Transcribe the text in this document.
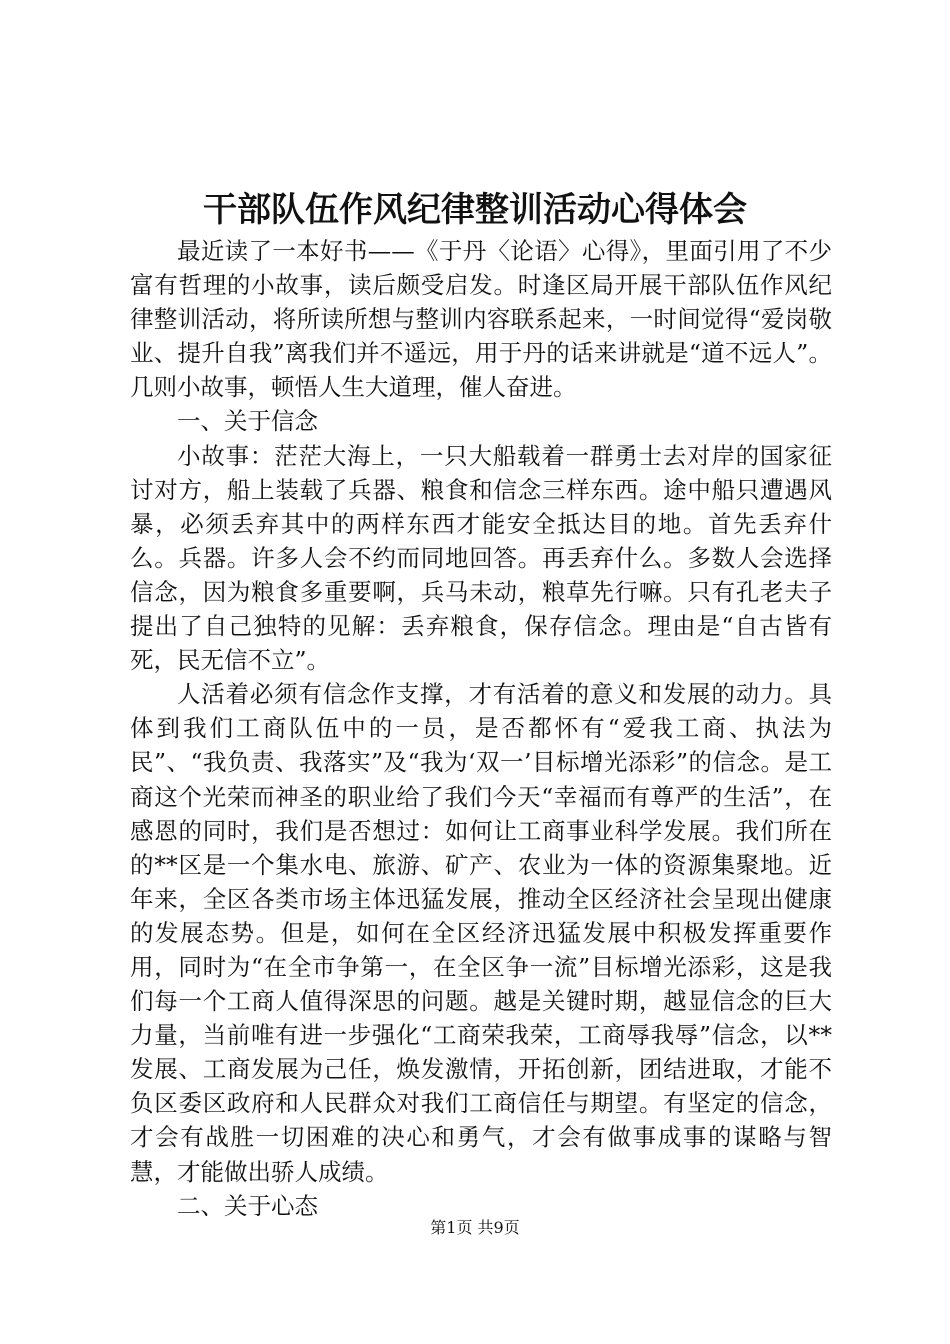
干部队伍作风纪律整训活动心得体会

最近读了一本好书——《于丹〈论语〉心得》，里面引用了不少富有哲理的小故事，读后颇受启发。时逢区局开展干部队伍作风纪律整训活动，将所读所想与整训内容联系起来，一时间觉得“爱岗敬业、提升自我”离我们并不遥远，用于丹的话来讲就是“道不远人”。几则小故事，顿悟人生大道理，催人奋进。

一、关于信念

小故事：茫茫大海上，一只大船载着一群勇士去对岸的国家征讨对方，船上装载了兵器、粮食和信念三样东西。途中船只遭遇风暴，必须丢弃其中的两样东西才能安全抵达目的地。首先丢弃什么。兵器。许多人会不约而同地回答。再丢弃什么。多数人会选择信念，因为粮食多重要啊，兵马未动，粮草先行嘛。只有孔老夫子提出了自己独特的见解：丢弃粮食，保存信念。理由是“自古皆有死，民无信不立”。

人活着必须有信念作支撑，才有活着的意义和发展的动力。具体到我们工商队伍中的一员，是否都怀有“爱我工商、执法为民”、“我负责、我落实”及“我为‘双一’目标增光添彩”的信念。是工商这个光荣而神圣的职业给了我们今天“幸福而有尊严的生活”，在感恩的同时，我们是否想过：如何让工商事业科学发展。我们所在的**区是一个集水电、旅游、矿产、农业为一体的资源集聚地。近年来，全区各类市场主体迅猛发展，推动全区经济社会呈现出健康的发展态势。但是，如何在全区经济迅猛发展中积极发挥重要作用，同时为“在全市争第一，在全区争一流”目标增光添彩，这是我们每一个工商人值得深思的问题。越是关键时期，越显信念的巨大力量，当前唯有进一步强化“工商荣我荣，工商辱我辱”信念，以**发展、工商发展为己任，焕发激情，开拓创新，团结进取，才能不负区委区政府和人民群众对我们工商信任与期望。有坚定的信念，才会有战胜一切困难的决心和勇气，才会有做事成事的谋略与智慧，才能做出骄人成绩。

二、关于心态

第1页 共9页
